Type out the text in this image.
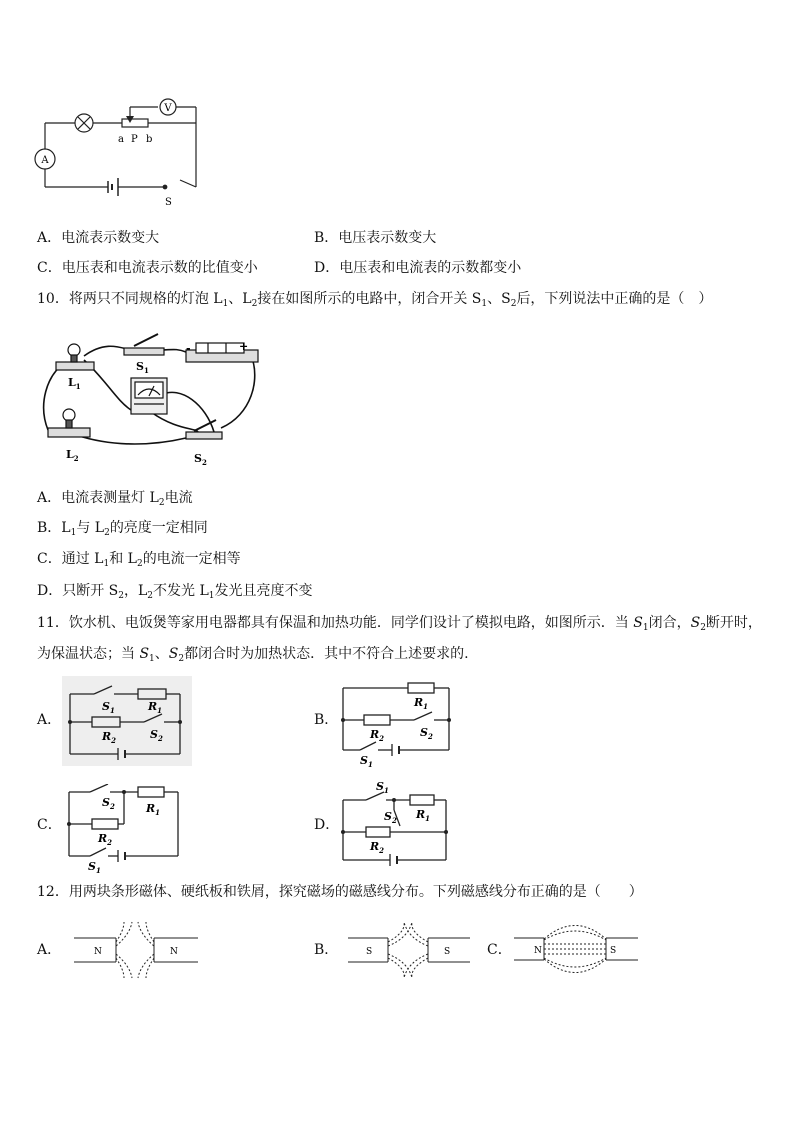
A
V
a P b
S
A．电流表示数变大	B．电压表示数变大
C．电压表和电流表示数的比值变小	D．电压表和电流表的示数都变小
10．将两只不同规格的灯泡 $L_1$、$L_2$接在如图所示的电路中，闭合开关 $S_1$、$S_2$后，下列说法中正确的是（　）
$L_1$
$S_1$
-	+
$L_2$	$S_2$
A．电流表测量灯 $L_2$电流
B．$L_1$与 $L_2$的亮度一定相同
C．通过 $L_1$和 $L_2$的电流一定相等
D．只断开 $S_2$，$L_2$不发光 $L_1$发光且亮度不变
11．饮水机、电饭煲等家用电器都具有保温和加热功能．同学们设计了模拟电路，如图所示．当 $S_1$闭合，$S_2$断开时，
为保温状态；当 $S_1$、$S_2$都闭合时为加热状态．其中不符合上述要求的.
A．	B．
C．	D．
$S_1$	$R_1$
$R_2$	$S_2$
$R_1$
$R_2$	$S_2$
$S_1$
$S_2$	$R_1$
$R_2$
$S_1$
$S_1$
$S_2$ $R_1$
$R_2$
12．用两块条形磁体、硬纸板和铁屑，探究磁场的磁感线分布。下列磁感线分布正确的是（　　）
A．	B．	C．
N	N	S	S	N	S
